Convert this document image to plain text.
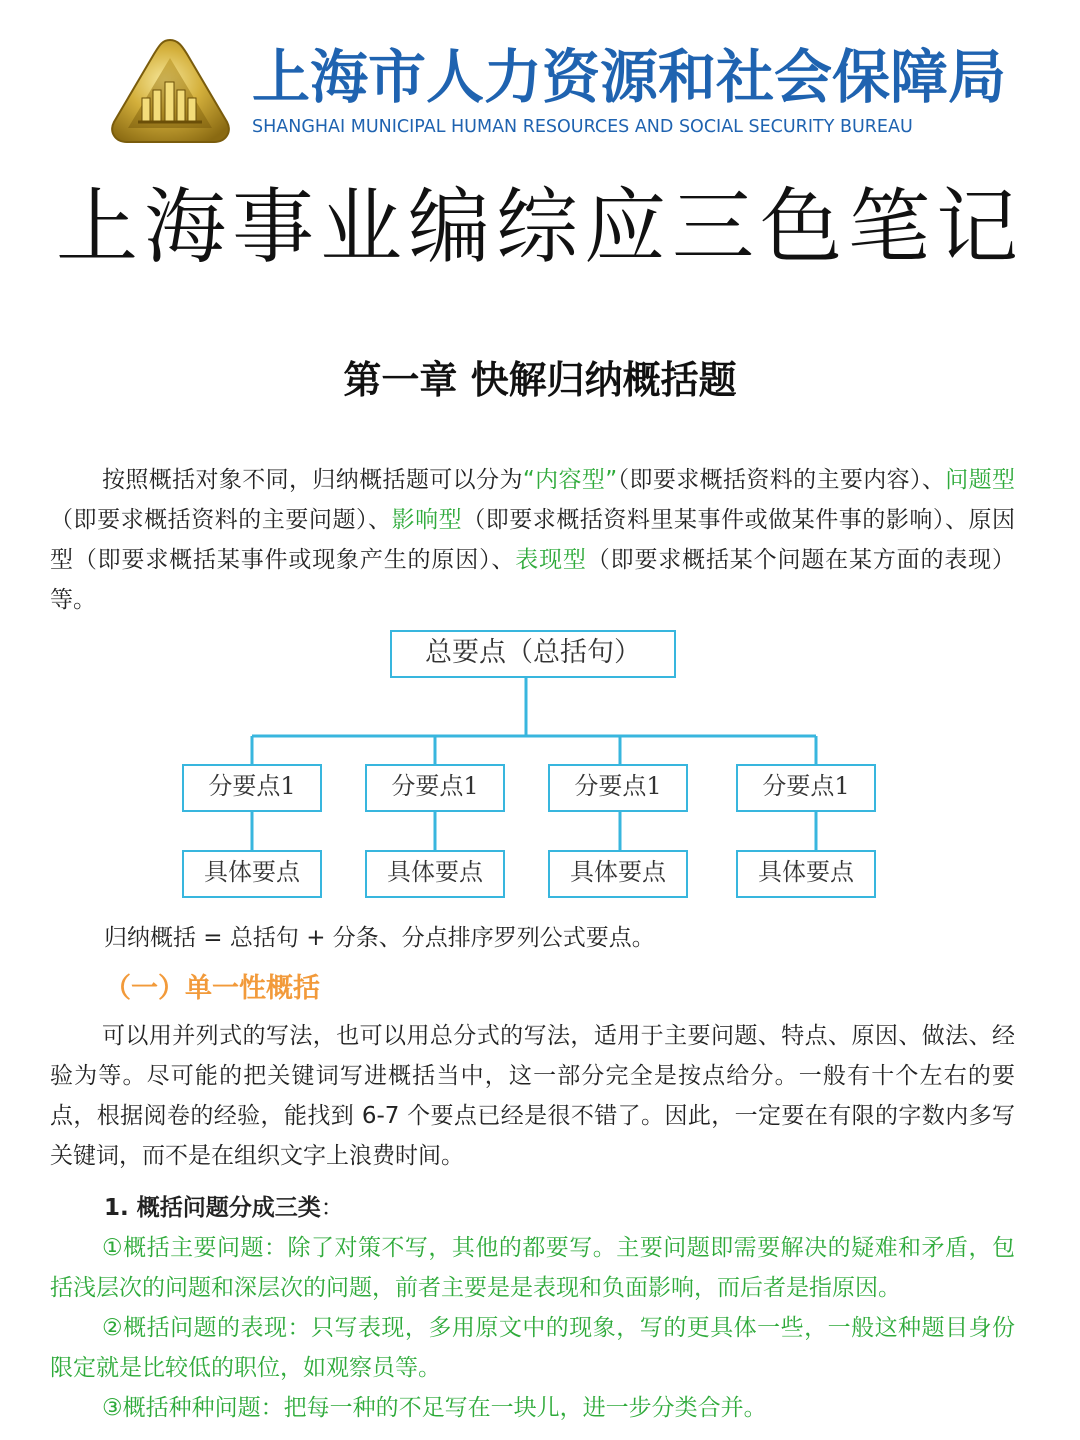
上海市人力资源和社会保障局
SHANGHAI MUNICIPAL HUMAN RESOURCES AND SOCIAL SECURITY BUREAU
上海事业编综应三色笔记
第一章 快解归纳概括题
按照概括对象不同，归纳概括题可以分为“内容型”（即要求概括资料的主要内容）、问题型（即要求概括资料的主要问题）、影响型（即要求概括资料里某事件或做某件事的影响）、原因型（即要求概括某事件或现象产生的原因）、表现型（即要求概括某个问题在某方面的表现）等。
总要点（总括句）
分要点1	分要点1	分要点1	分要点1
具体要点	具体要点	具体要点	具体要点
归纳概括 = 总括句 + 分条、分点排序罗列公式要点。
（一）单一性概括
可以用并列式的写法，也可以用总分式的写法，适用于主要问题、特点、原因、做法、经验为等。尽可能的把关键词写进概括当中，这一部分完全是按点给分。一般有十个左右的要点，根据阅卷的经验，能找到 6-7 个要点已经是很不错了。因此，一定要在有限的字数内多写关键词，而不是在组织文字上浪费时间。
1. 概括问题分成三类：
①概括主要问题：除了对策不写，其他的都要写。主要问题即需要解决的疑难和矛盾，包括浅层次的问题和深层次的问题，前者主要是是表现和负面影响，而后者是指原因。
②概括问题的表现：只写表现，多用原文中的现象，写的更具体一些，一般这种题目身份限定就是比较低的职位，如观察员等。
③概括种种问题：把每一种的不足写在一块儿，进一步分类合并。
